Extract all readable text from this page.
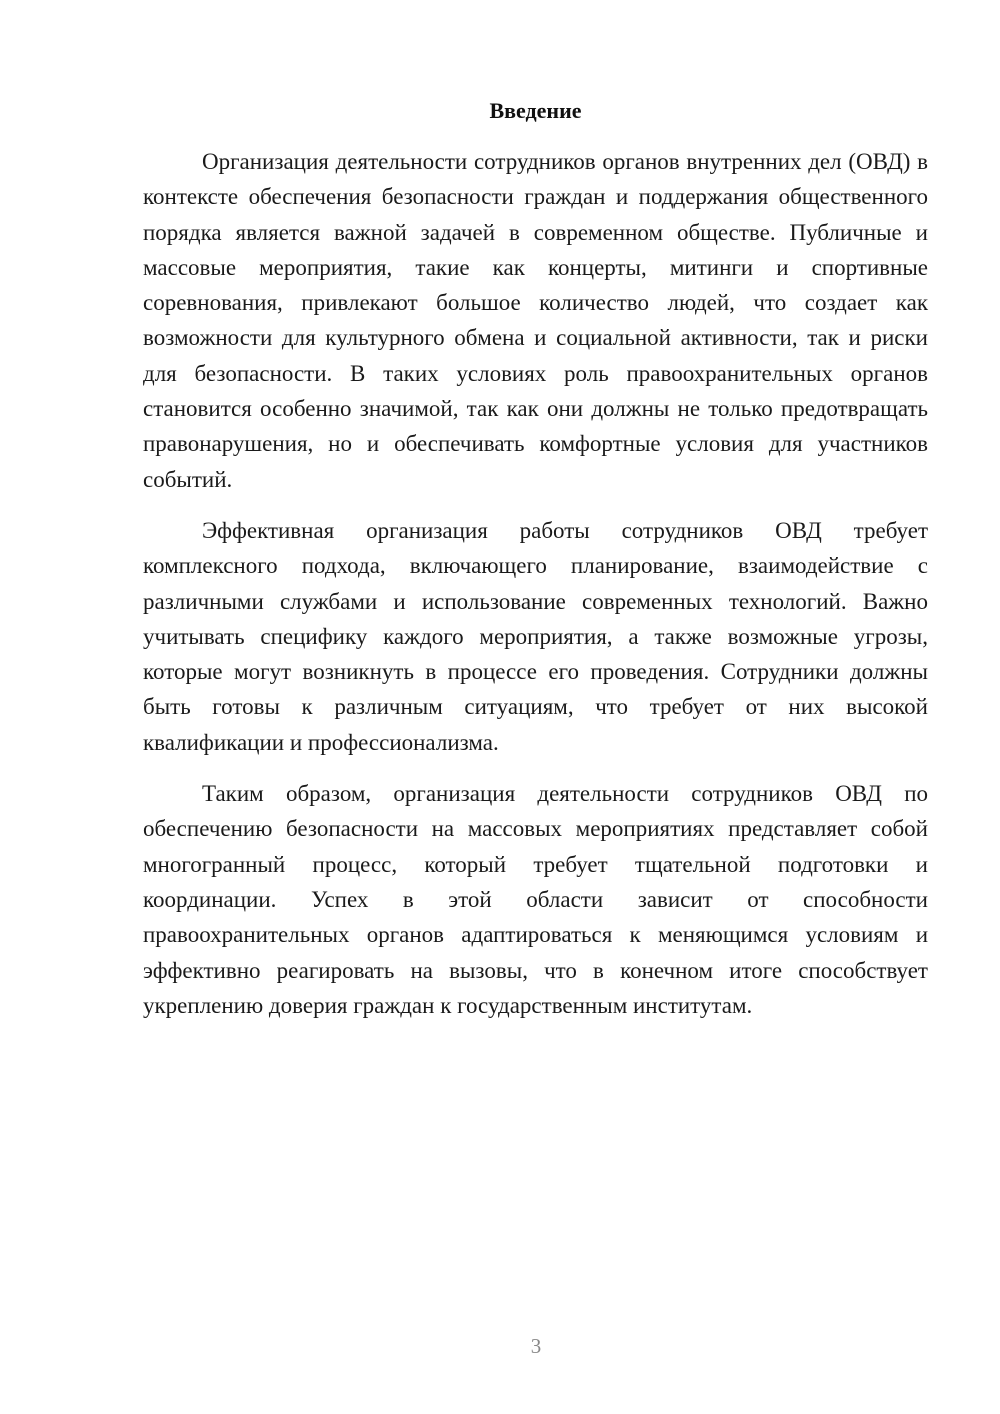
Введение

Организация деятельности сотрудников органов внутренних дел (ОВД) в контексте обеспечения безопасности граждан и поддержания общественного порядка является важной задачей в современном обществе. Публичные и массовые мероприятия, такие как концерты, митинги и спортивные соревнования, привлекают большое количество людей, что создает как возможности для культурного обмена и социальной активности, так и риски для безопасности. В таких условиях роль правоохранительных органов становится особенно значимой, так как они должны не только предотвращать правонарушения, но и обеспечивать комфортные условия для участников событий.

Эффективная организация работы сотрудников ОВД требует комплексного подхода, включающего планирование, взаимодействие с различными службами и использование современных технологий. Важно учитывать специфику каждого мероприятия, а также возможные угрозы, которые могут возникнуть в процессе его проведения. Сотрудники должны быть готовы к различным ситуациям, что требует от них высокой квалификации и профессионализма.

Таким образом, организация деятельности сотрудников ОВД по обеспечению безопасности на массовых мероприятиях представляет собой многогранный процесс, который требует тщательной подготовки и координации. Успех в этой области зависит от способности правоохранительных органов адаптироваться к меняющимся условиям и эффективно реагировать на вызовы, что в конечном итоге способствует укреплению доверия граждан к государственным институтам.

3
